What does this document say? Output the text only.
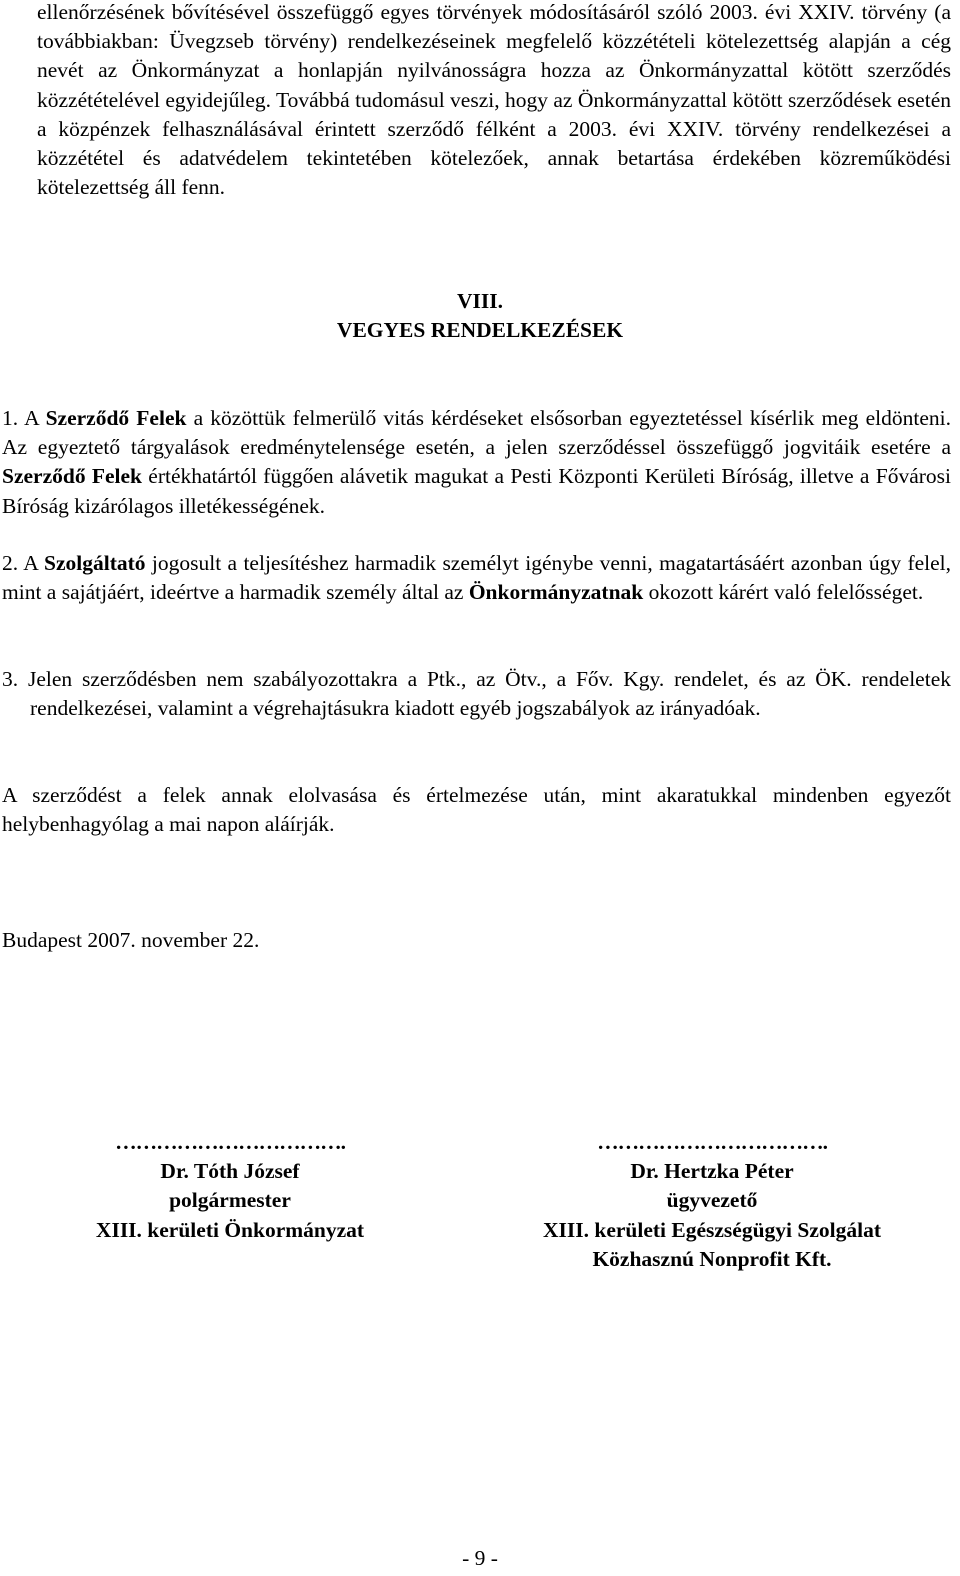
ellenőrzésének bővítésével összefüggő egyes törvények módosításáról szóló 2003. évi XXIV. törvény (a továbbiakban: Üvegzseb törvény) rendelkezéseinek megfelelő közzétételi kötelezettség alapján a cég nevét az Önkormányzat a honlapján nyilvánosságra hozza az Önkormányzattal kötött szerződés közzétételével egyidejűleg. Továbbá tudomásul veszi, hogy az Önkormányzattal kötött szerződések esetén a közpénzek felhasználásával érintett szerződő félként a 2003. évi XXIV. törvény rendelkezései a közzététel és adatvédelem tekintetében kötelezőek, annak betartása érdekében közreműködési kötelezettség áll fenn.

VIII.
VEGYES RENDELKEZÉSEK

1. A Szerződő Felek a közöttük felmerülő vitás kérdéseket elsősorban egyeztetéssel kísérlik meg eldönteni. Az egyeztető tárgyalások eredménytelensége esetén, a jelen szerződéssel összefüggő jogvitáik esetére a Szerződő Felek értékhatártól függően alávetik magukat a Pesti Központi Kerületi Bíróság, illetve a Fővárosi Bíróság kizárólagos illetékességének.

2. A Szolgáltató jogosult a teljesítéshez harmadik személyt igénybe venni, magatartásáért azonban úgy felel, mint a sajátjáért, ideértve a harmadik személy által az Önkormányzatnak okozott kárért való felelősséget.

3. Jelen szerződésben nem szabályozottakra a Ptk., az Ötv., a Főv. Kgy. rendelet, és az ÖK. rendeletek rendelkezései, valamint a végrehajtásukra kiadott egyéb jogszabályok az irányadóak.

A szerződést a felek annak elolvasása és értelmezése után, mint akaratukkal mindenben egyezőt helybenhagyólag a mai napon aláírják.

Budapest 2007. november 22.
…………………………….
Dr. Tóth József
polgármester
XIII. kerületi Önkormányzat
…………………………….
Dr. Hertzka Péter
ügyvezető
XIII. kerületi Egészségügyi Szolgálat
Közhasznú Nonprofit Kft.
- 9 -
